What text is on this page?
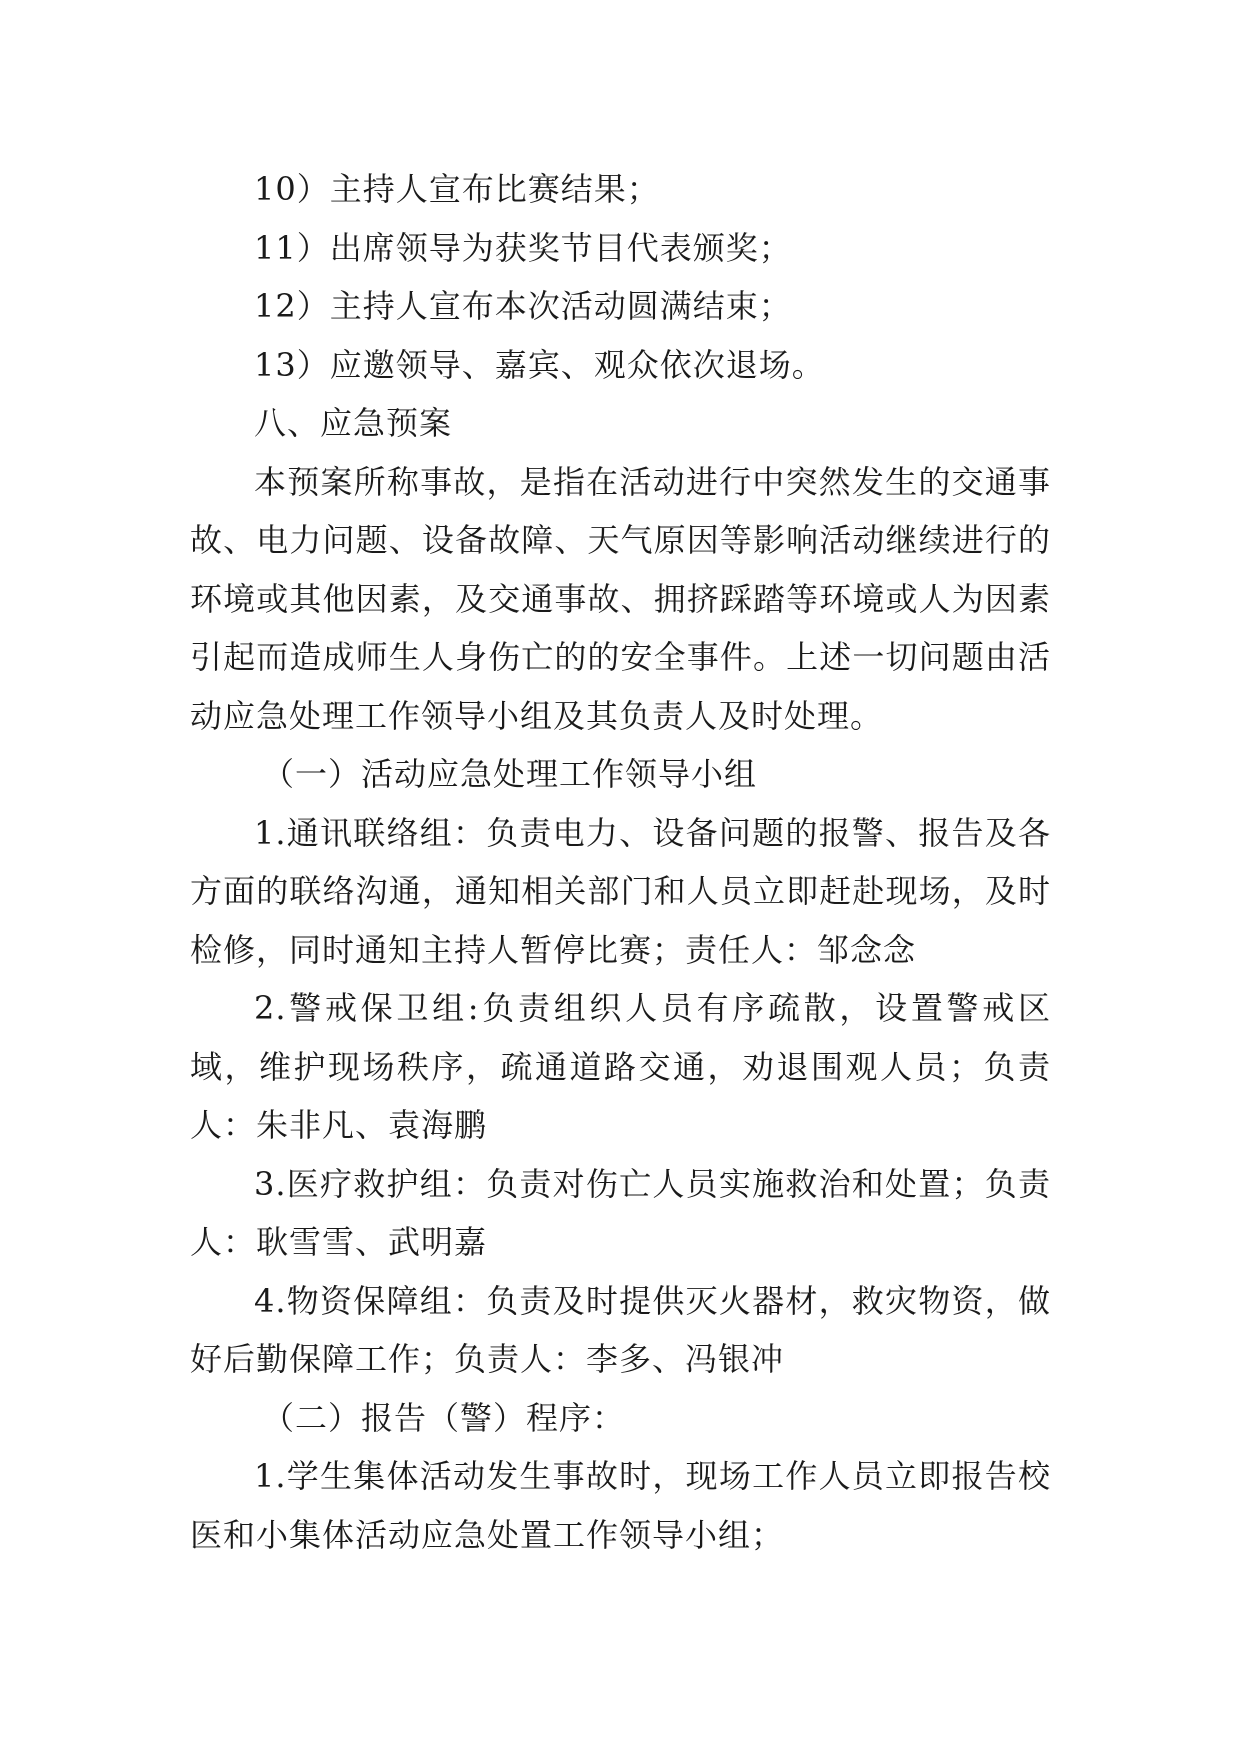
10）主持人宣布比赛结果；

11）出席领导为获奖节目代表颁奖；

12）主持人宣布本次活动圆满结束；

13）应邀领导、嘉宾、观众依次退场。

八、应急预案

本预案所称事故，是指在活动进行中突然发生的交通事故、电力问题、设备故障、天气原因等影响活动继续进行的环境或其他因素，及交通事故、拥挤踩踏等环境或人为因素引起而造成师生人身伤亡的的安全事件。上述一切问题由活动应急处理工作领导小组及其负责人及时处理。

（一）活动应急处理工作领导小组

1.通讯联络组：负责电力、设备问题的报警、报告及各方面的联络沟通，通知相关部门和人员立即赶赴现场，及时检修，同时通知主持人暂停比赛；责任人：邹念念

2.警戒保卫组:负责组织人员有序疏散，设置警戒区域，维护现场秩序，疏通道路交通，劝退围观人员；负责人：朱非凡、袁海鹏

3.医疗救护组：负责对伤亡人员实施救治和处置；负责人：耿雪雪、武明嘉

4.物资保障组：负责及时提供灭火器材，救灾物资，做好后勤保障工作；负责人：李多、冯银冲

（二）报告（警）程序：

1.学生集体活动发生事故时，现场工作人员立即报告校医和小集体活动应急处置工作领导小组；
